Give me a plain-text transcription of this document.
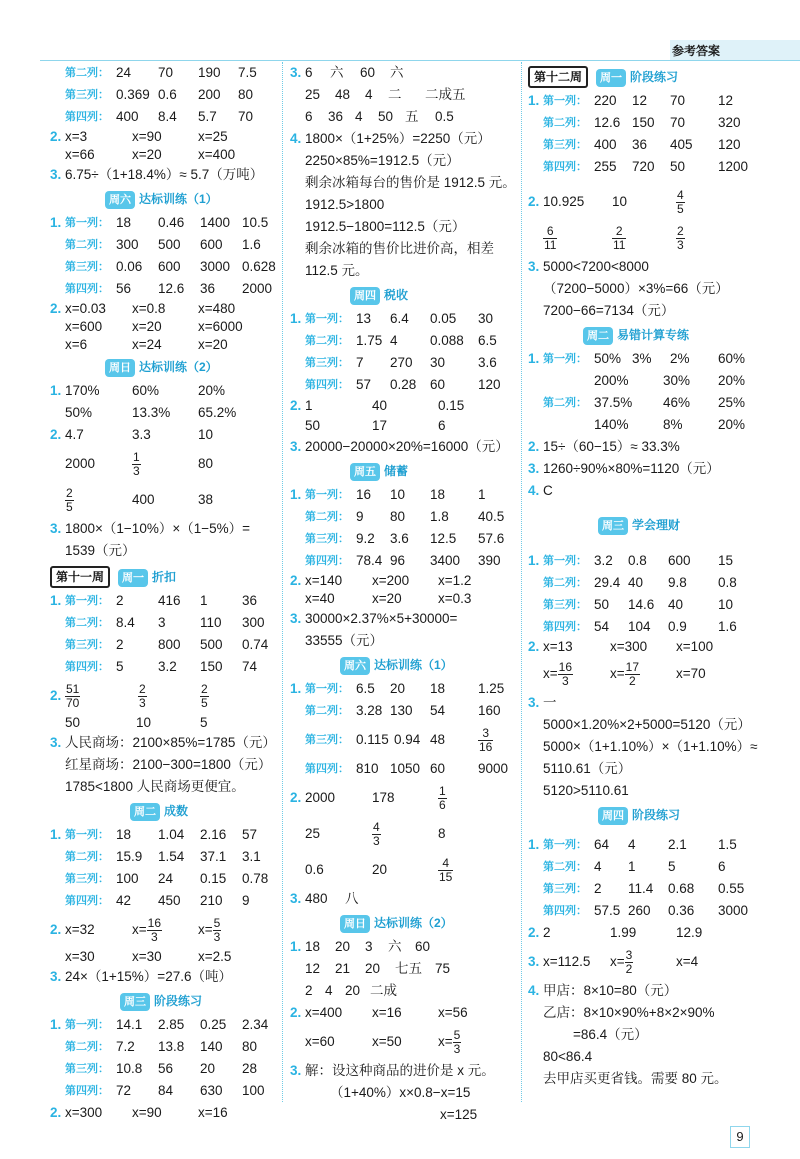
参考答案
第二列： 24 70 190 7.5
第三列： 0.369 0.6 200 80
第四列： 400 8.4 5.7 70
2. x=3	x=90	x=25
x=66	x=20	x=400
3. 6.75÷（1+18.4%）≈ 5.7（万吨）
周六 达标训练（1）
1. 第一列： 18 0.46 1400 10.5
第二列： 300 500 600 1.6
第三列： 0.06 600 3000 0.628
第四列： 56 12.6 36 2000
2. x=0.03 x=0.8 x=480
x=600 x=20	x=6000
x=6	x=24	x=20
周日 达标训练（2）
1. 170% 60%	20%
50%	13.3% 65.2%
2. 4.7	3.3	10
2000	$\frac{1}{3}$	80
$\frac{2}{5}$	400	38
3. 1800×（1−10%）×（1−5%）=
1539（元）
第十一周 周一 折扣
1. 第一列： 2	416 1	36
第二列： 8.4 3	110 300
第三列： 2	800 500 0.74
第四列： 5	3.2 150 74
2. $\frac{51}{70}$	$\frac{2}{3}$	$\frac{2}{5}$
50	10	5
3. 人民商场：2100×85%=1785（元）
红星商场：2100−300=1800（元）
1785<1800 人民商场更便宜。
周二 成数
1. 第一列： 18 1.04 2.16 57
第二列： 15.9 1.54 37.1 3.1
第三列： 100 24 0.15 0.78
第四列： 42 450 210 9
2. x=32	$x= \frac{16}{3}$	$x= \frac{5}{3}$
x=30	x=30	x=2.5
3. 24×（1+15%）=27.6（吨）
周三 阶段练习
1. 第一列： 14.1 2.85 0.25 2.34
第二列： 7.2 13.8 140 80
第三列： 10.8 56 20 28
第四列： 72 84 630 100
2. x=300 x=90	x=16
3. 6 六 60 六
25 48 4 二 二成五
6 36 4 50 五 0.5
4. 1800×（1+25%）=2250（元）
2250×85%=1912.5（元）
剩余冰箱每台的售价是 1912.5 元。
1912.5>1800
1912.5−1800=112.5（元）
剩余冰箱的售价比进价高，相差
112.5 元。
周四 税收
1. 第一列： 13 6.4 0.05 30
第二列： 1.75 4 0.088 6.5
第三列： 7 270 30 3.6
第四列： 57 0.28 60 120
2. 1	40	0.15
50	17	6
3. 20000−20000×20%=16000（元）
周五 储蓄
1. 第一列： 16 10 18 1
第二列： 9 80 1.8 40.5
第三列： 9.2 3.6 12.5 57.6
第四列： 78.4 96 3400 390
2. x=140 x=200 x=1.2
x=40	x=20	x=0.3
3. 30000×2.37%×5+30000=
33555（元）
周六 达标训练（1）
1. 第一列： 6.5 20 18 1.25
第二列： 3.28 130 54 160
第三列： 0.115 0.94 48	$\frac{3}{16}$
第四列： 810 1050 60 9000
2. 2000	178	$\frac{1}{6}$
25	$\frac{4}{3}$	8
0.6	20	$\frac{4}{15}$
3. 480 八
周日 达标训练（2）
1. 18 20 3 六 60
12 21 20 七五 75
2 4 20 二成
2. x=400 x=16	x=56
x=60	x=50	$x= \frac{5}{3}$
3. 解：设这种商品的进价是 x 元。
（1+40%）x×0.8−x=15
x=125
第十二周 周一 阶段练习
1. 第一列： 220 12 70 12
第二列： 12.6 150 70 320
第三列： 400 36 405 120
第四列： 255 720 50 1200
2. 10.925 10	$\frac{4}{5}$
$\frac{6}{11}$	$\frac{2}{11}$	$\frac{2}{3}$
3. 5000<7200<8000
（7200−5000）×3%=66（元）
7200−66=7134（元）
周二 易错计算专练
1. 第一列： 50% 3% 2% 60%
200%	30% 20%
第二列： 37.5% 46% 25%
140%	8%	20%
2. 15÷（60−15）≈ 33.3%
3. 1260÷90%×80%=1120（元）
4. C
周三 学会理财
1. 第一列： 3.2 0.8 600 15
第二列： 29.4 40 9.8 0.8
第三列： 50 14.6 40	10
第四列： 54 104 0.9 1.6
2. x=13	x=300 x=100
$x= \frac{16}{3}$	$x= \frac{17}{2}$	x=70
3. 一
5000×1.20%×2+5000=5120（元）
5000×（1+1.10%）×（1+1.10%）≈
5110.61（元）
5120>5110.61
周四 阶段练习
1. 第一列： 64 4 2.1 1.5
第二列： 4 1 5	6
第三列： 2 11.4 0.68 0.55
第四列： 57.5 260 0.36 3000
2. 2	1.99	12.9
3. x=112.5 $x= \frac{3}{2}$	x=4
4. 甲店：8×10=80（元）
乙店：8×10×90%+8×2×90%
=86.4（元）
80<86.4
去甲店买更省钱。需要 80 元。
9
